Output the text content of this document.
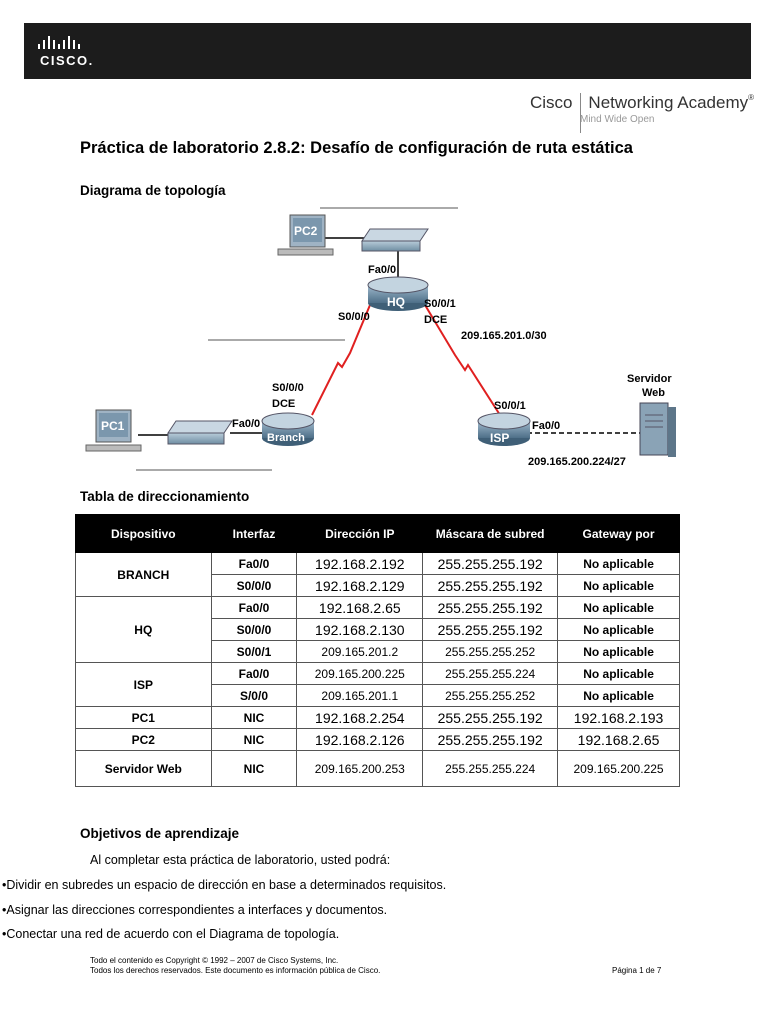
CISCO.
Cisco Networking Academy®
Mind Wide Open
Práctica de laboratorio 2.8.2: Desafío de configuración de ruta estática
Diagrama de topología
PC2
HQ
Fa0/0
S0/0/1
DCE
S0/0/0
209.165.201.0/30
PC1
Branch
S0/0/0
DCE
Fa0/0
ISP
S0/0/1
Fa0/0
Servidor
Web
209.165.200.224/27
Tabla de direccionamiento
Dispositivo	Interfaz	Dirección IP	Máscara de subred	Gateway por
BRANCH	Fa0/0	192.168.2.192	255.255.255.192	No aplicable
	S0/0/0	192.168.2.129	255.255.255.192	No aplicable
HQ	Fa0/0	192.168.2.65	255.255.255.192	No aplicable
	S0/0/0	192.168.2.130	255.255.255.192	No aplicable
	S0/0/1	209.165.201.2	255.255.255.252	No aplicable
ISP	Fa0/0	209.165.200.225	255.255.255.224	No aplicable
	S/0/0	209.165.201.1	255.255.255.252	No aplicable
PC1	NIC	192.168.2.254	255.255.255.192	192.168.2.193
PC2	NIC	192.168.2.126	255.255.255.192	192.168.2.65
Servidor Web	NIC	209.165.200.253	255.255.255.224	209.165.200.225
Objetivos de aprendizaje
Al completar esta práctica de laboratorio, usted podrá:
•Dividir en subredes un espacio de dirección en base a determinados requisitos.
•Asignar las direcciones correspondientes a interfaces y documentos.
•Conectar una red de acuerdo con el Diagrama de topología.
Todo el contenido es Copyright © 1992 – 2007 de Cisco Systems, Inc.
Todos los derechos reservados. Este documento es información pública de Cisco.	Página 1 de 7
